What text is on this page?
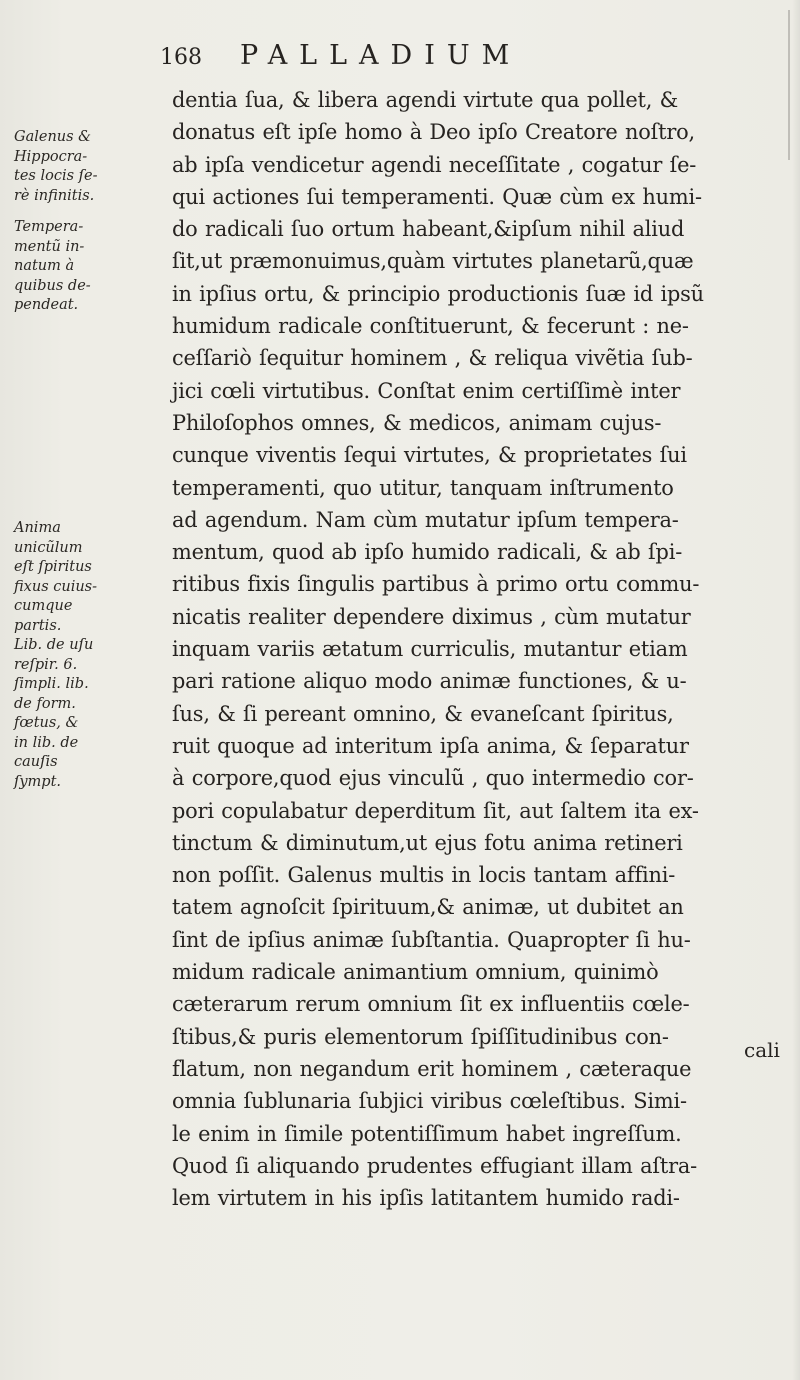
168 PALLADIUM
Galenus &
Hippocra-
tes locis ſe-
rè infinitis.
Tempera-
mentũ in-
natum à
quibus de-
pendeat.
Anima
unicũlum
eſt ſpiritus
fixus cuius-
cumque
partis.
Lib. de uſu
reſpir. 6.
ſimpli. lib.
de form.
fœtus, &
in lib. de
cauſis
ſympt.
dentia ſua, & libera agendi virtute qua pollet, &
donatus eſt ipſe homo à Deo ipſo Creatore noſtro,
ab ipſa vendicetur agendi neceſſitate , cogatur ſe-
qui actiones ſui temperamenti. Quæ cùm ex humi-
do radicali ſuo ortum habeant,&ipſum nihil aliud
ſit,ut præmonuimus,quàm virtutes planetarũ,quæ
in ipſius ortu, & principio productionis ſuæ id ipsũ
humidum radicale conſtituerunt, & fecerunt : ne-
ceſſariò ſequitur hominem , & reliqua vivẽtia ſub-
jici cœli virtutibus. Conſtat enim certiſſimè inter
Philoſophos omnes, & medicos, animam cujus-
cunque viventis ſequi virtutes, & proprietates ſui
temperamenti, quo utitur, tanquam inſtrumento
ad agendum. Nam cùm mutatur ipſum tempera-
mentum, quod ab ipſo humido radicali, & ab ſpi-
ritibus fixis ſingulis partibus à primo ortu commu-
nicatis realiter dependere diximus , cùm mutatur
inquam variis ætatum curriculis, mutantur etiam
pari ratione aliquo modo animæ functiones, & u-
ſus, & ſi pereant omnino, & evaneſcant ſpiritus,
ruit quoque ad interitum ipſa anima, & ſeparatur
à corpore,quod ejus vinculũ , quo intermedio cor-
pori copulabatur deperditum ſit, aut ſaltem ita ex-
tinctum & diminutum,ut ejus fotu anima retineri
non poſſit. Galenus multis in locis tantam affini-
tatem agnoſcit ſpirituum,& animæ, ut dubitet an
ſint de ipſius animæ ſubſtantia. Quapropter ſi hu-
midum radicale animantium omnium, quinimò
cæterarum rerum omnium ſit ex influentiis cœle-
ſtibus,& puris elementorum ſpiſſitudinibus con-
flatum, non negandum erit hominem , cæteraque
omnia ſublunaria ſubjici viribus cœleſtibus. Simi-
le enim in ſimile potentiſſimum habet ingreſſum.
Quod ſi aliquando prudentes effugiant illam aſtra-
lem virtutem in his ipſis latitantem humido radi-
cali
